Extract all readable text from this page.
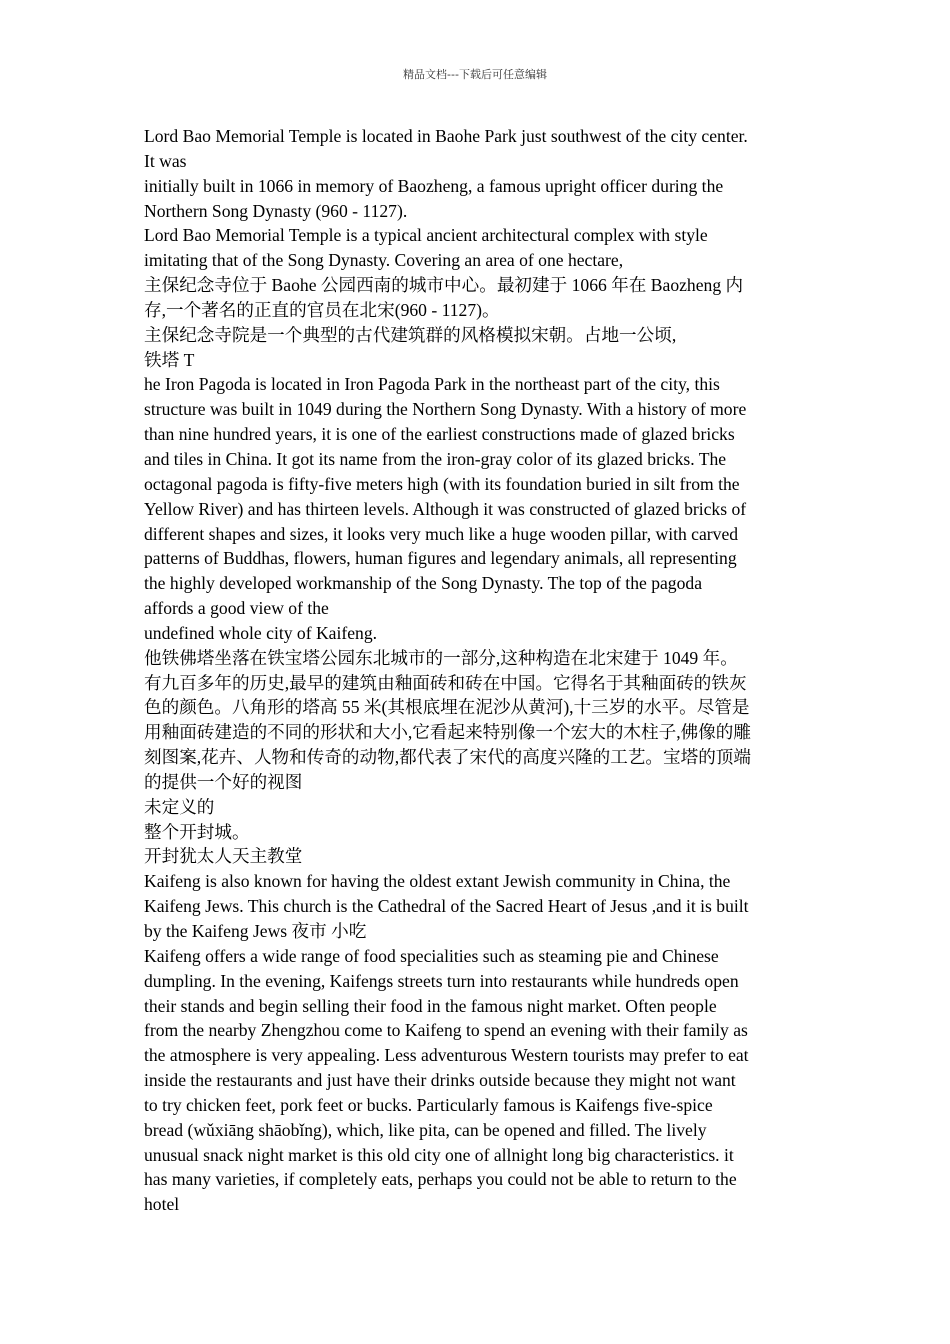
精品文档---下载后可任意编辑
Lord Bao Memorial Temple is located in Baohe Park just southwest of the city center.
It was
initially built in 1066 in memory of Baozheng, a famous upright officer during the
Northern Song Dynasty (960 - 1127).
Lord Bao Memorial Temple is a typical ancient architectural complex with style
imitating that of the Song Dynasty. Covering an area of one hectare,
主保纪念寺位于 Baohe 公园西南的城市中心。最初建于 1066 年在 Baozheng 内
存,一个著名的正直的官员在北宋(960 - 1127)。
主保纪念寺院是一个典型的古代建筑群的风格模拟宋朝。占地一公顷,
铁塔 T
he Iron Pagoda is located in Iron Pagoda Park in the northeast part of the city, this
structure was built in 1049 during the Northern Song Dynasty. With a history of more
than nine hundred years, it is one of the earliest constructions made of glazed bricks
and tiles in China. It got its name from the iron-gray color of its glazed bricks. The
octagonal pagoda is fifty-five meters high (with its foundation buried in silt from the
Yellow River) and has thirteen levels. Although it was constructed of glazed bricks of
different shapes and sizes, it looks very much like a huge wooden pillar, with carved
patterns of Buddhas, flowers, human figures and legendary animals, all representing
the highly developed workmanship of the Song Dynasty. The top of the pagoda
affords a good view of the
undefined whole city of Kaifeng.
他铁佛塔坐落在铁宝塔公园东北城市的一部分,这种构造在北宋建于 1049 年。
有九百多年的历史,最早的建筑由釉面砖和砖在中国。它得名于其釉面砖的铁灰
色的颜色。八角形的塔高 55 米(其根底埋在泥沙从黄河),十三岁的水平。尽管是
用釉面砖建造的不同的形状和大小,它看起来特别像一个宏大的木柱子,佛像的雕
刻图案,花卉、人物和传奇的动物,都代表了宋代的高度兴隆的工艺。宝塔的顶端
的提供一个好的视图
未定义的
整个开封城。
开封犹太人天主教堂
Kaifeng is also known for having the oldest extant Jewish community in China, the
Kaifeng Jews. This church is the Cathedral of the Sacred Heart of Jesus ,and it is built
by the Kaifeng Jews 夜市 小吃
Kaifeng offers a wide range of food specialities such as steaming pie and Chinese
dumpling. In the evening, Kaifengs streets turn into restaurants while hundreds open
their stands and begin selling their food in the famous night market. Often people
from the nearby Zhengzhou come to Kaifeng to spend an evening with their family as
the atmosphere is very appealing. Less adventurous Western tourists may prefer to eat
inside the restaurants and just have their drinks outside because they might not want
to try chicken feet, pork feet or bucks. Particularly famous is Kaifengs five-spice
bread (wǔxiāng shāobǐng), which, like pita, can be opened and filled. The lively
unusual snack night market is this old city one of allnight long big characteristics. it
has many varieties, if completely eats, perhaps you could not be able to return to the
hotel
